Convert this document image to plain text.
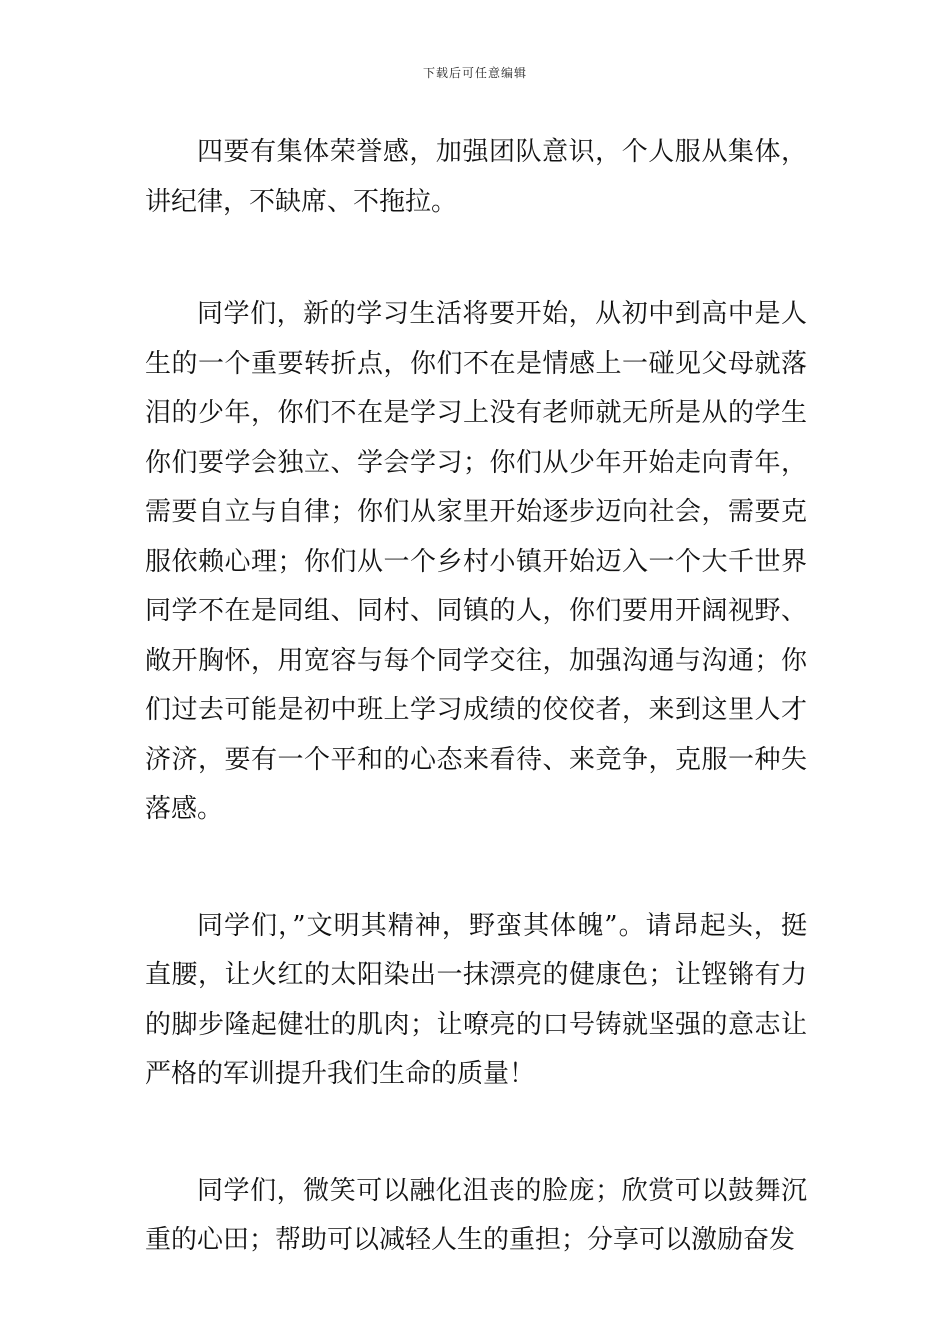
下载后可任意编辑

四要有集体荣誉感，加强团队意识，个人服从集体，讲纪律，不缺席、不拖拉。

同学们，新的学习生活将要开始，从初中到高中是人生的一个重要转折点，你们不在是情感上一碰见父母就落泪的少年，你们不在是学习上没有老师就无所是从的学生你们要学会独立、学会学习；你们从少年开始走向青年，需要自立与自律；你们从家里开始逐步迈向社会，需要克服依赖心理；你们从一个乡村小镇开始迈入一个大千世界同学不在是同组、同村、同镇的人，你们要用开阔视野、敞开胸怀，用宽容与每个同学交往，加强沟通与沟通；你们过去可能是初中班上学习成绩的佼佼者，来到这里人才济济，要有一个平和的心态来看待、来竞争，克服一种失落感。

同学们，”文明其精神，野蛮其体魄”。请昂起头，挺直腰，让火红的太阳染出一抹漂亮的健康色；让铿锵有力的脚步隆起健壮的肌肉；让嘹亮的口号铸就坚强的意志让严格的军训提升我们生命的质量！

同学们，微笑可以融化沮丧的脸庞；欣赏可以鼓舞沉重的心田；帮助可以减轻人生的重担；分享可以激励奋发
